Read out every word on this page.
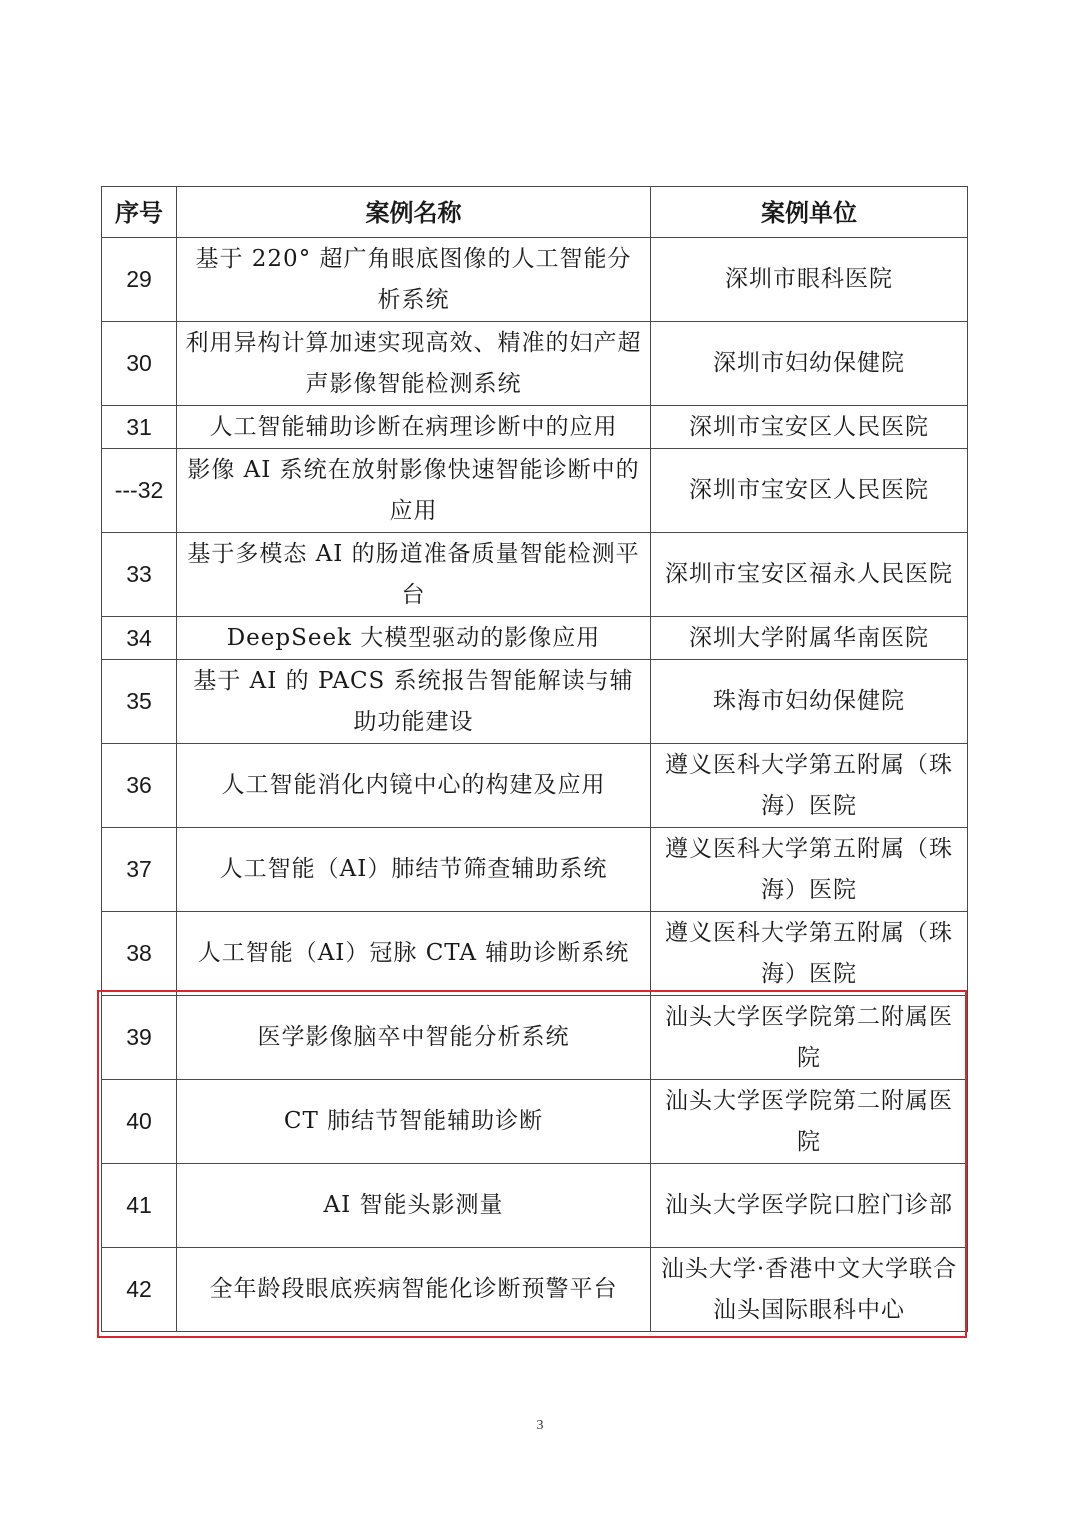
序号	案例名称	案例单位
29	基于 220° 超广角眼底图像的人工智能分析系统	深圳市眼科医院
30	利用异构计算加速实现高效、精准的妇产超声影像智能检测系统	深圳市妇幼保健院
31	人工智能辅助诊断在病理诊断中的应用	深圳市宝安区人民医院
---32	影像 AI 系统在放射影像快速智能诊断中的应用	深圳市宝安区人民医院
33	基于多模态 AI 的肠道准备质量智能检测平台	深圳市宝安区福永人民医院
34	DeepSeek 大模型驱动的影像应用	深圳大学附属华南医院
35	基于 AI 的 PACS 系统报告智能解读与辅助功能建设	珠海市妇幼保健院
36	人工智能消化内镜中心的构建及应用	遵义医科大学第五附属（珠海）医院
37	人工智能（AI）肺结节筛查辅助系统	遵义医科大学第五附属（珠海）医院
38	人工智能（AI）冠脉 CTA 辅助诊断系统	遵义医科大学第五附属（珠海）医院
39	医学影像脑卒中智能分析系统	汕头大学医学院第二附属医院
40	CT 肺结节智能辅助诊断	汕头大学医学院第二附属医院
41	AI 智能头影测量	汕头大学医学院口腔门诊部
42	全年龄段眼底疾病智能化诊断预警平台	汕头大学·香港中文大学联合汕头国际眼科中心
3
